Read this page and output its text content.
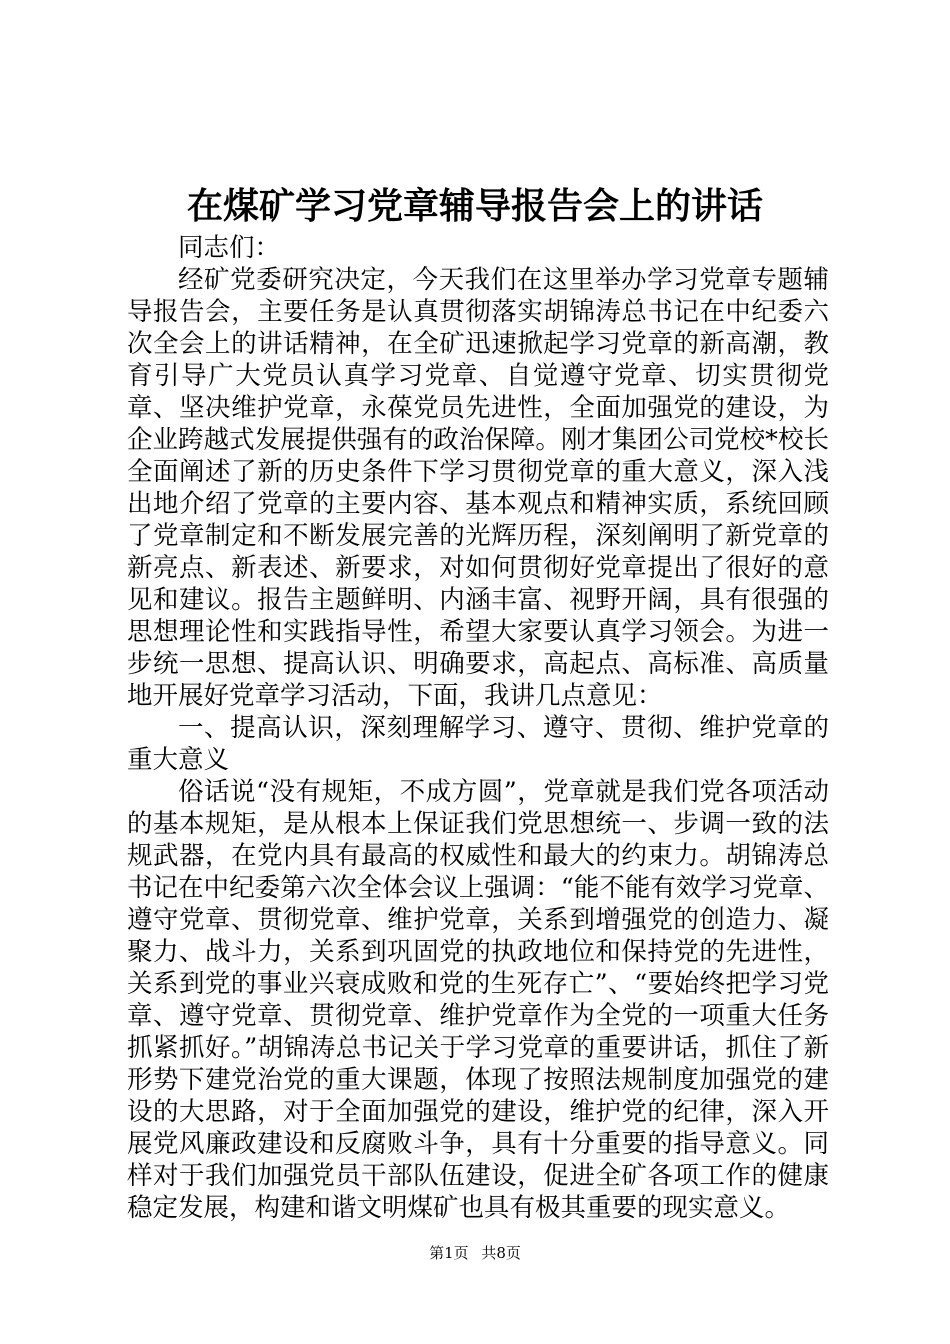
在煤矿学习党章辅导报告会上的讲话

同志们：

经矿党委研究决定，今天我们在这里举办学习党章专题辅导报告会，主要任务是认真贯彻落实胡锦涛总书记在中纪委六次全会上的讲话精神，在全矿迅速掀起学习党章的新高潮，教育引导广大党员认真学习党章、自觉遵守党章、切实贯彻党章、坚决维护党章，永葆党员先进性，全面加强党的建设，为企业跨越式发展提供强有的政治保障。刚才集团公司党校*校长全面阐述了新的历史条件下学习贯彻党章的重大意义，深入浅出地介绍了党章的主要内容、基本观点和精神实质，系统回顾了党章制定和不断发展完善的光辉历程，深刻阐明了新党章的新亮点、新表述、新要求，对如何贯彻好党章提出了很好的意见和建议。报告主题鲜明、内涵丰富、视野开阔，具有很强的思想理论性和实践指导性，希望大家要认真学习领会。为进一步统一思想、提高认识、明确要求，高起点、高标准、高质量地开展好党章学习活动，下面，我讲几点意见：

一、提高认识，深刻理解学习、遵守、贯彻、维护党章的重大意义

俗话说“没有规矩，不成方圆”，党章就是我们党各项活动的基本规矩，是从根本上保证我们党思想统一、步调一致的法规武器，在党内具有最高的权威性和最大的约束力。胡锦涛总书记在中纪委第六次全体会议上强调：“能不能有效学习党章、遵守党章、贯彻党章、维护党章，关系到增强党的创造力、凝聚力、战斗力，关系到巩固党的执政地位和保持党的先进性，关系到党的事业兴衰成败和党的生死存亡”、“要始终把学习党章、遵守党章、贯彻党章、维护党章作为全党的一项重大任务抓紧抓好。”胡锦涛总书记关于学习党章的重要讲话，抓住了新形势下建党治党的重大课题，体现了按照法规制度加强党的建设的大思路，对于全面加强党的建设，维护党的纪律，深入开展党风廉政建设和反腐败斗争，具有十分重要的指导意义。同样对于我们加强党员干部队伍建设，促进全矿各项工作的健康稳定发展，构建和谐文明煤矿也具有极其重要的现实意义。

第1页 共8页
